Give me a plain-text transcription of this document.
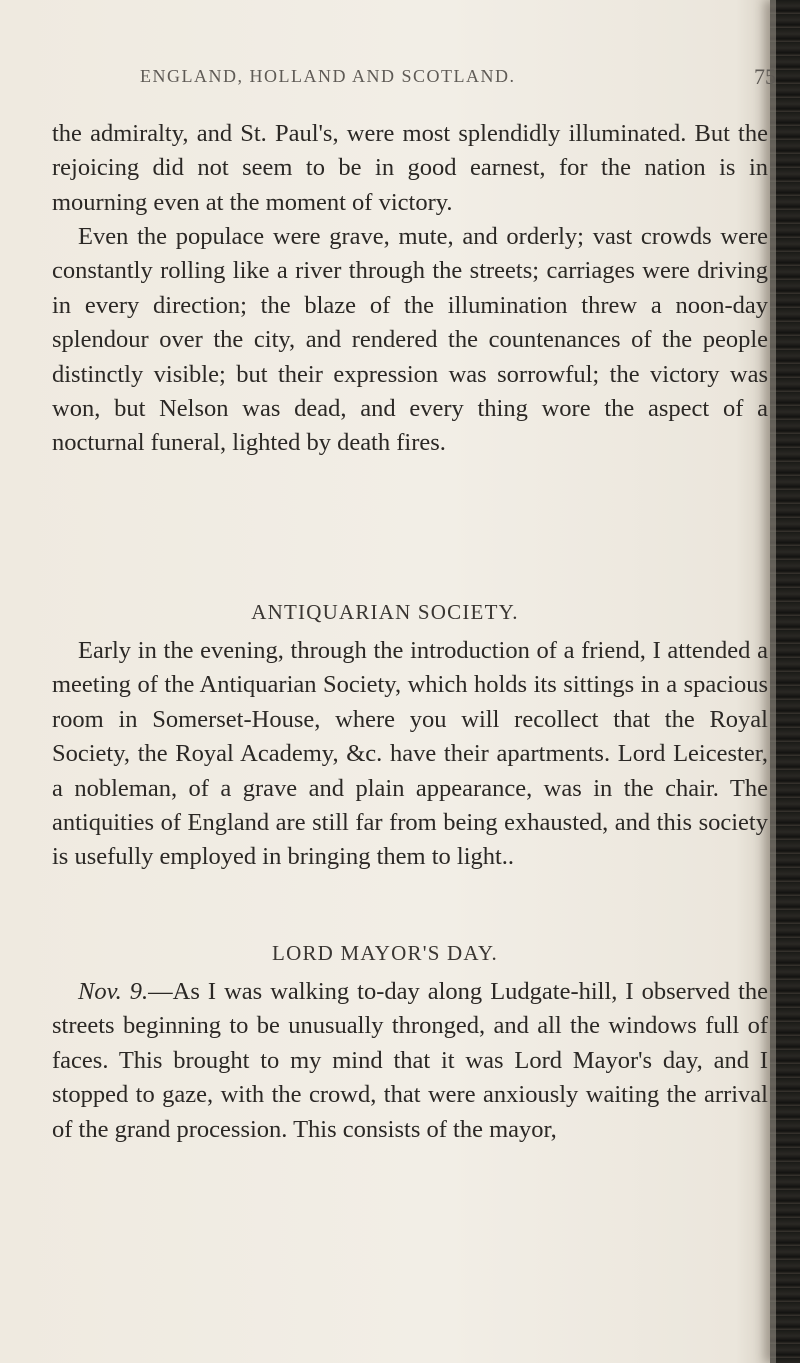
ENGLAND, HOLLAND AND SCOTLAND.	75

the admiralty, and St. Paul's, were most splendidly illuminated. But the rejoicing did not seem to be in good earnest, for the nation is in mourning even at the moment of victory.

Even the populace were grave, mute, and orderly; vast crowds were constantly rolling like a river through the streets; carriages were driving in every direction; the blaze of the illumination threw a noon-day splendour over the city, and rendered the countenances of the people distinctly visible; but their expression was sorrowful; the victory was won, but Nelson was dead, and every thing wore the aspect of a nocturnal funeral, lighted by death fires.

ANTIQUARIAN SOCIETY.

Early in the evening, through the introduction of a friend, I attended a meeting of the Antiquarian Society, which holds its sittings in a spacious room in Somerset-House, where you will recollect that the Royal Society, the Royal Academy, &c. have their apartments. Lord Leicester, a nobleman, of a grave and plain appearance, was in the chair. The antiquities of England are still far from being exhausted, and this society is usefully employed in bringing them to light..

LORD MAYOR'S DAY.

Nov. 9.—As I was walking to-day along Ludgate-hill, I observed the streets beginning to be unusually thronged, and all the windows full of faces. This brought to my mind that it was Lord Mayor's day, and I stopped to gaze, with the crowd, that were anxiously waiting the arrival of the grand procession. This consists of the mayor,
